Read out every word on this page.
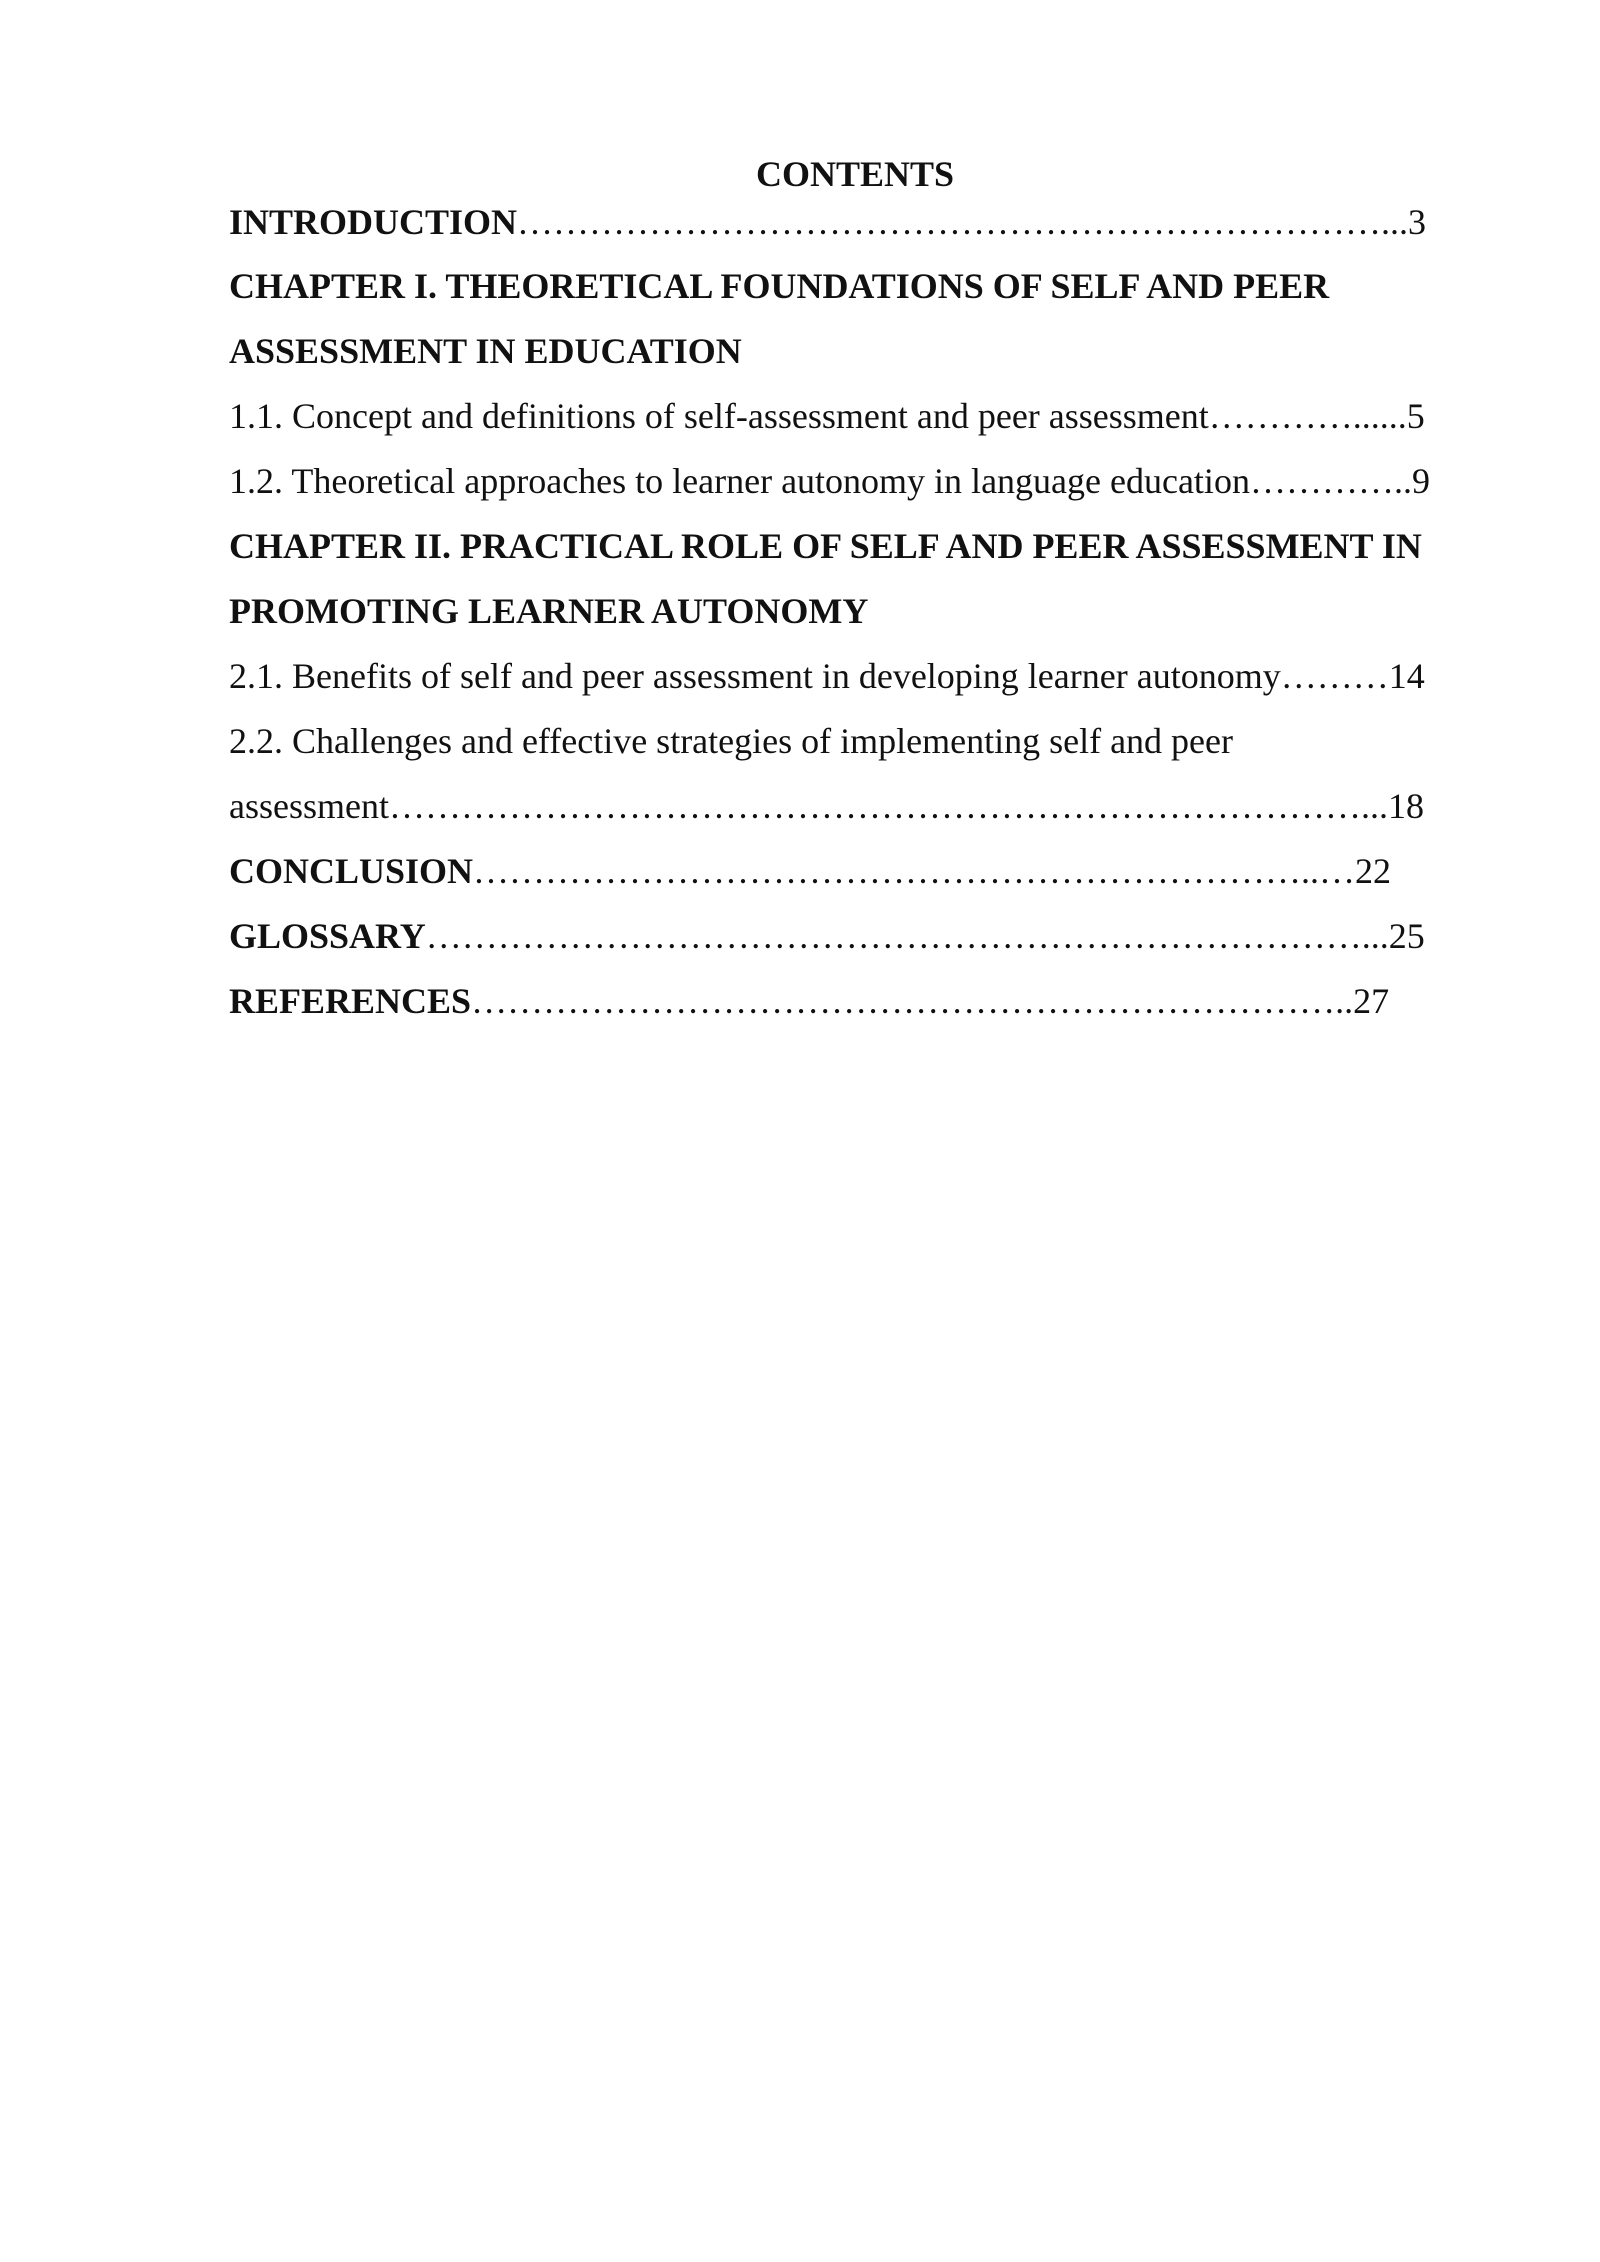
CONTENTS
INTRODUCTION………………………………………………………………...3
CHAPTER I. THEORETICAL FOUNDATIONS OF SELF AND PEER
ASSESSMENT IN EDUCATION
1.1. Concept and definitions of self-assessment and peer assessment…………......5
1.2. Theoretical approaches to learner autonomy in language education…………..9
CHAPTER II. PRACTICAL ROLE OF SELF AND PEER ASSESSMENT IN
PROMOTING LEARNER AUTONOMY
2.1. Benefits of self and peer assessment in developing learner autonomy………14
2.2. Challenges and effective strategies of implementing self and peer
assessment………………………………………………………………………...18
CONCLUSION……………………………………………………………..…22
GLOSSARY……………………………………………………………………...25
REFERENCES………………………………………………………………..27
